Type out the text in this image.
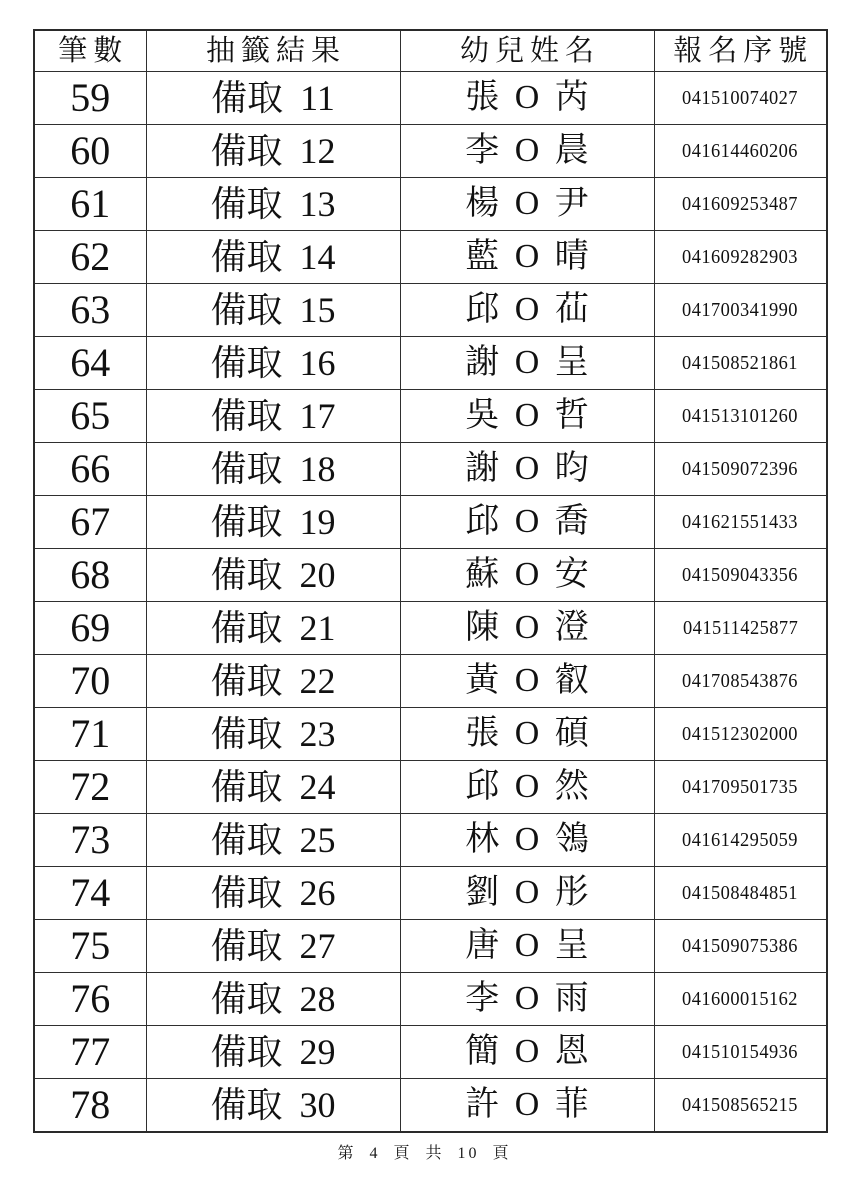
筆數	抽籤結果	幼兒姓名	報名序號
59	備取 11	張 O 芮	041510074027
60	備取 12	李 O 晨	041614460206
61	備取 13	楊 O 尹	041609253487
62	備取 14	藍 O 晴	041609282903
63	備取 15	邱 O 苮	041700341990
64	備取 16	謝 O 呈	041508521861
65	備取 17	吳 O 哲	041513101260
66	備取 18	謝 O 昀	041509072396
67	備取 19	邱 O 喬	041621551433
68	備取 20	蘇 O 安	041509043356
69	備取 21	陳 O 澄	041511425877
70	備取 22	黃 O 叡	041708543876
71	備取 23	張 O 碩	041512302000
72	備取 24	邱 O 然	041709501735
73	備取 25	林 O 鴒	041614295059
74	備取 26	劉 O 彤	041508484851
75	備取 27	唐 O 呈	041509075386
76	備取 28	李 O 雨	041600015162
77	備取 29	簡 O 恩	041510154936
78	備取 30	許 O 菲	041508565215
第 4 頁 共 10 頁
